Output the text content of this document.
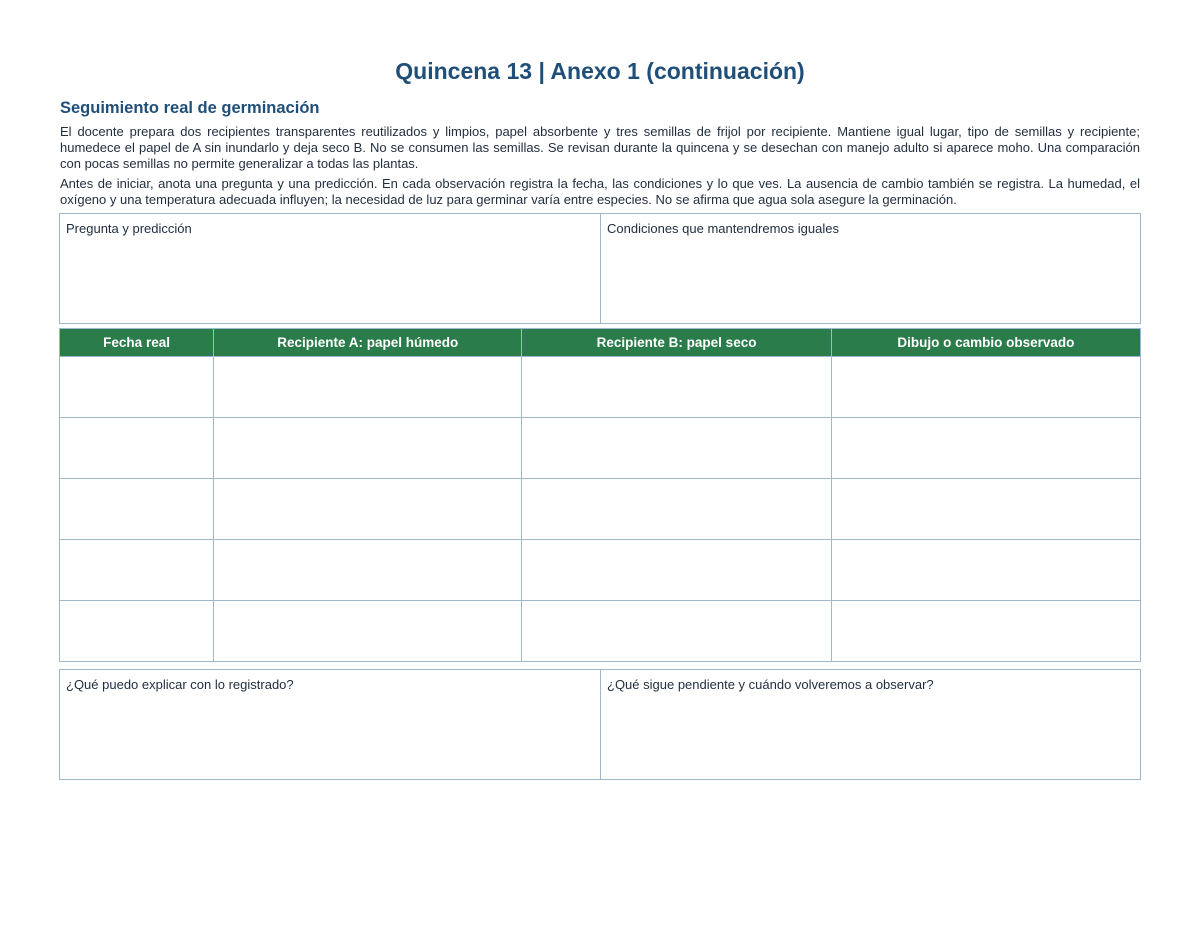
Quincena 13 | Anexo 1 (continuación)
Seguimiento real de germinación
El docente prepara dos recipientes transparentes reutilizados y limpios, papel absorbente y tres semillas de frijol por recipiente. Mantiene igual lugar, tipo de semillas y recipiente; humedece el papel de A sin inundarlo y deja seco B. No se consumen las semillas. Se revisan durante la quincena y se desechan con manejo adulto si aparece moho. Una comparación con pocas semillas no permite generalizar a todas las plantas.
Antes de iniciar, anota una pregunta y una predicción. En cada observación registra la fecha, las condiciones y lo que ves. La ausencia de cambio también se registra. La humedad, el oxígeno y una temperatura adecuada influyen; la necesidad de luz para germinar varía entre especies. No se afirma que agua sola asegure la germinación.
Pregunta y predicción	Condiciones que mantendremos iguales
Fecha real	Recipiente A: papel húmedo	Recipiente B: papel seco	Dibujo o cambio observado

¿Qué puedo explicar con lo registrado?	¿Qué sigue pendiente y cuándo volveremos a observar?
